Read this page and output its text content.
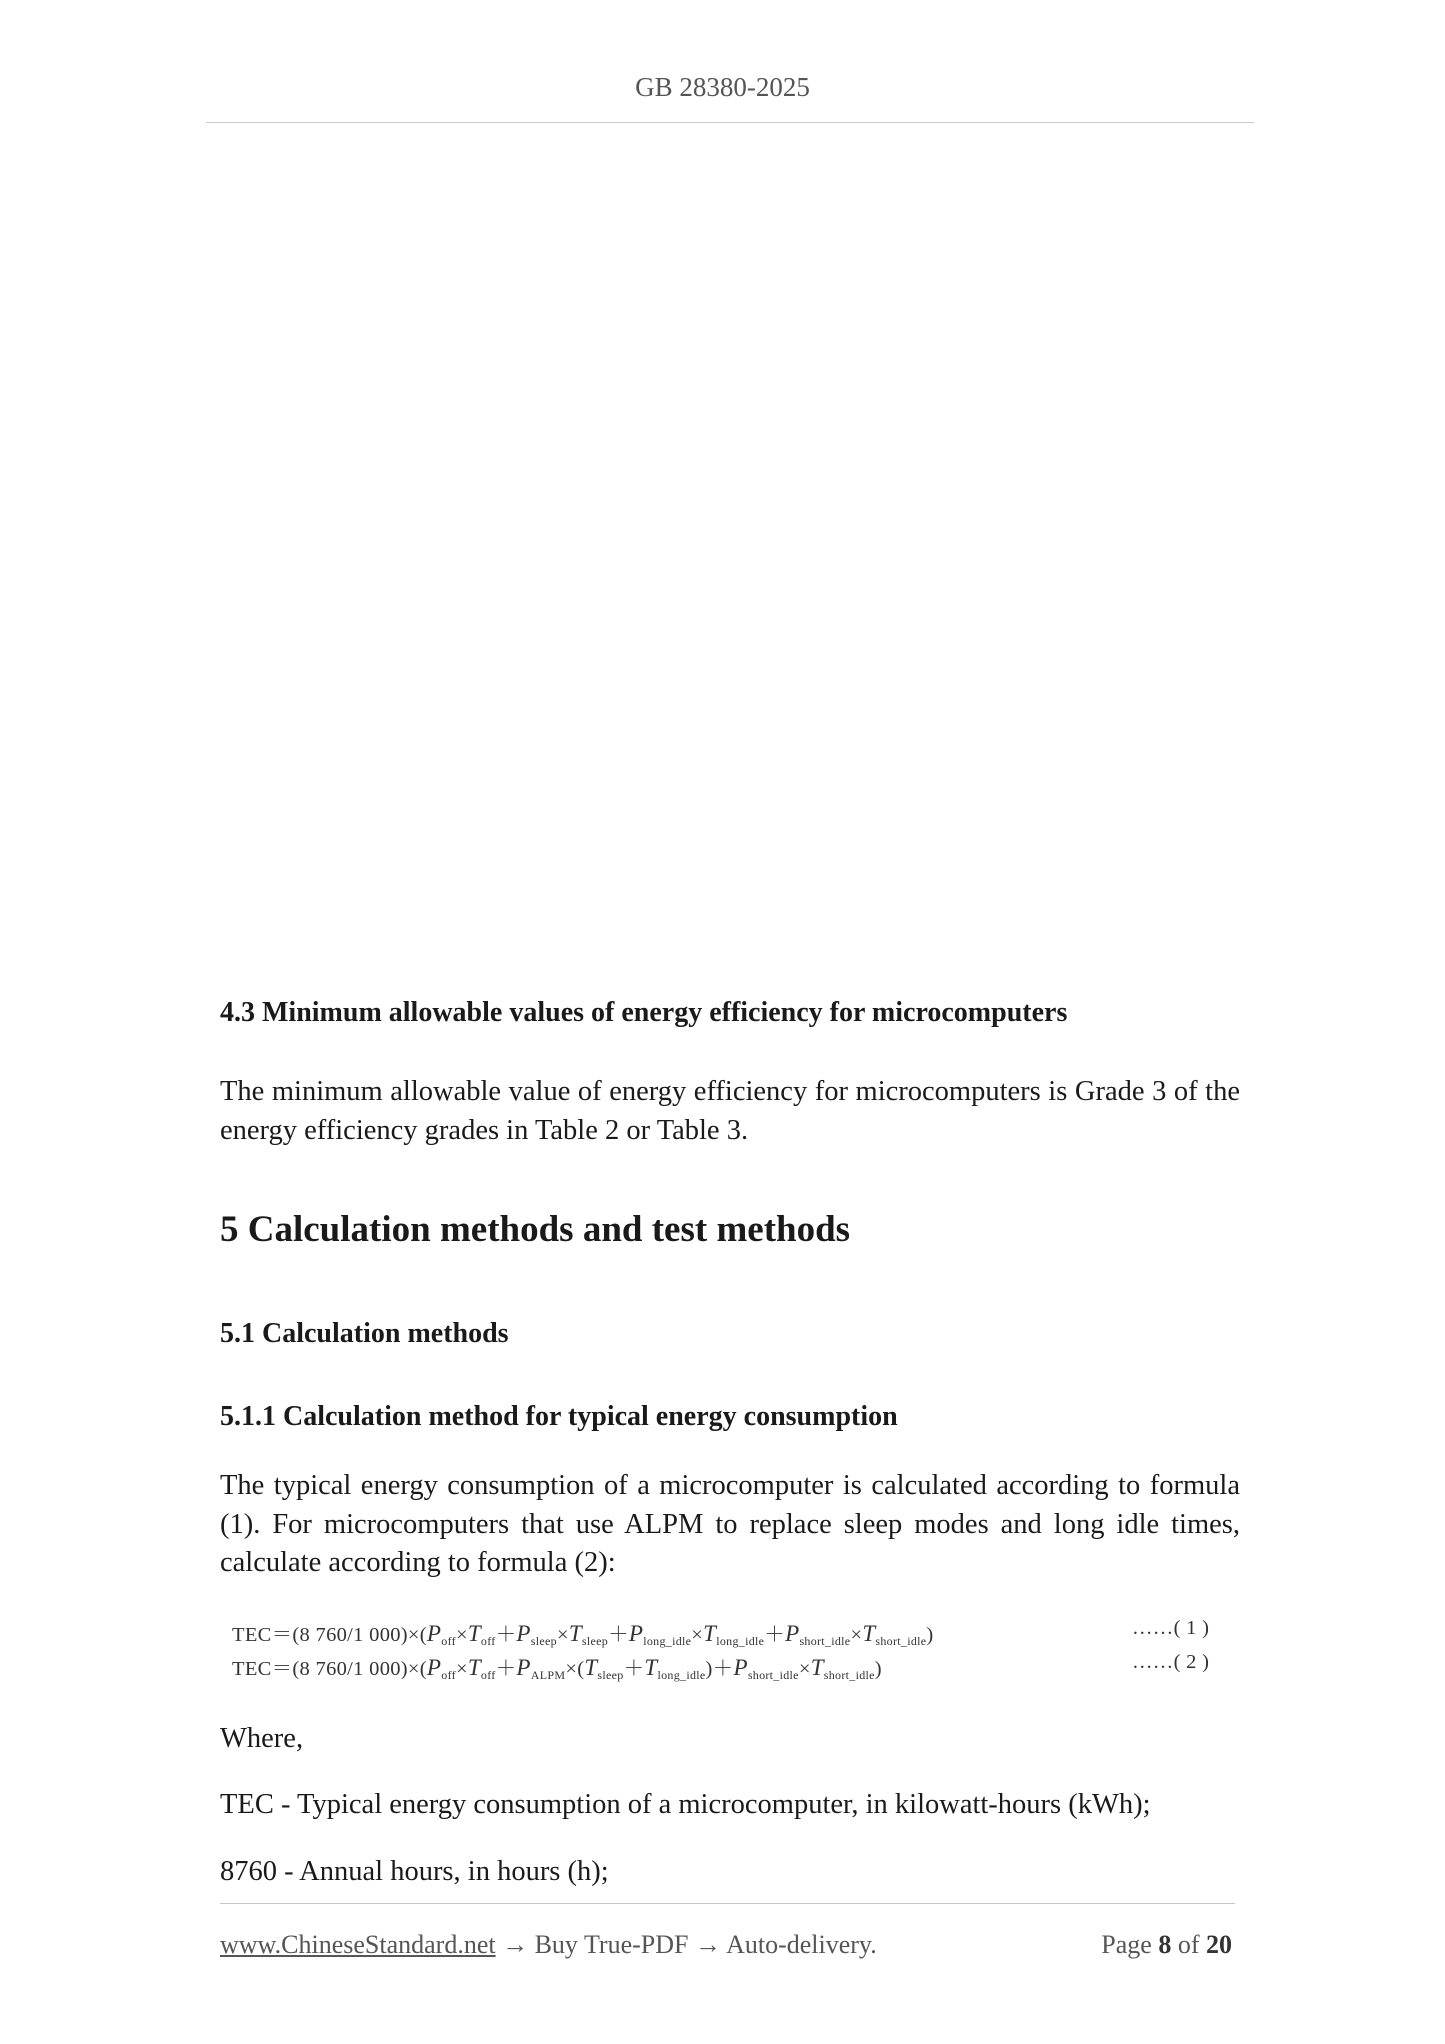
GB 28380-2025
4.3 Minimum allowable values of energy efficiency for microcomputers

The minimum allowable value of energy efficiency for microcomputers is Grade 3 of the energy efficiency grades in Table 2 or Table 3.

5 Calculation methods and test methods
5.1 Calculation methods
5.1.1 Calculation method for typical energy consumption

The typical energy consumption of a microcomputer is calculated according to formula (1). For microcomputers that use ALPM to replace sleep modes and long idle times, calculate according to formula (2):

TEC＝(8 760/1 $000)\times(P_{off}\times T_{off}+P_{sleep}\times T_{sleep}+P_{long\_idle}\times T_{long\_idle}+P_{short\_idle}\times T_{short\_idle})$	……( 1 )
TEC＝(8 760/1 $000)\times(P_{off}\times T_{off}+P_{ALPM}\times(T_{sleep}+T_{long\_idle})+P_{short\_idle}\times T_{short\_idle})$	……( 2 )

Where,

TEC - Typical energy consumption of a microcomputer, in kilowatt-hours (kWh);

8760 - Annual hours, in hours (h);

www.ChineseStandard.net → Buy True-PDF → Auto-delivery.	Page 8 of 20
